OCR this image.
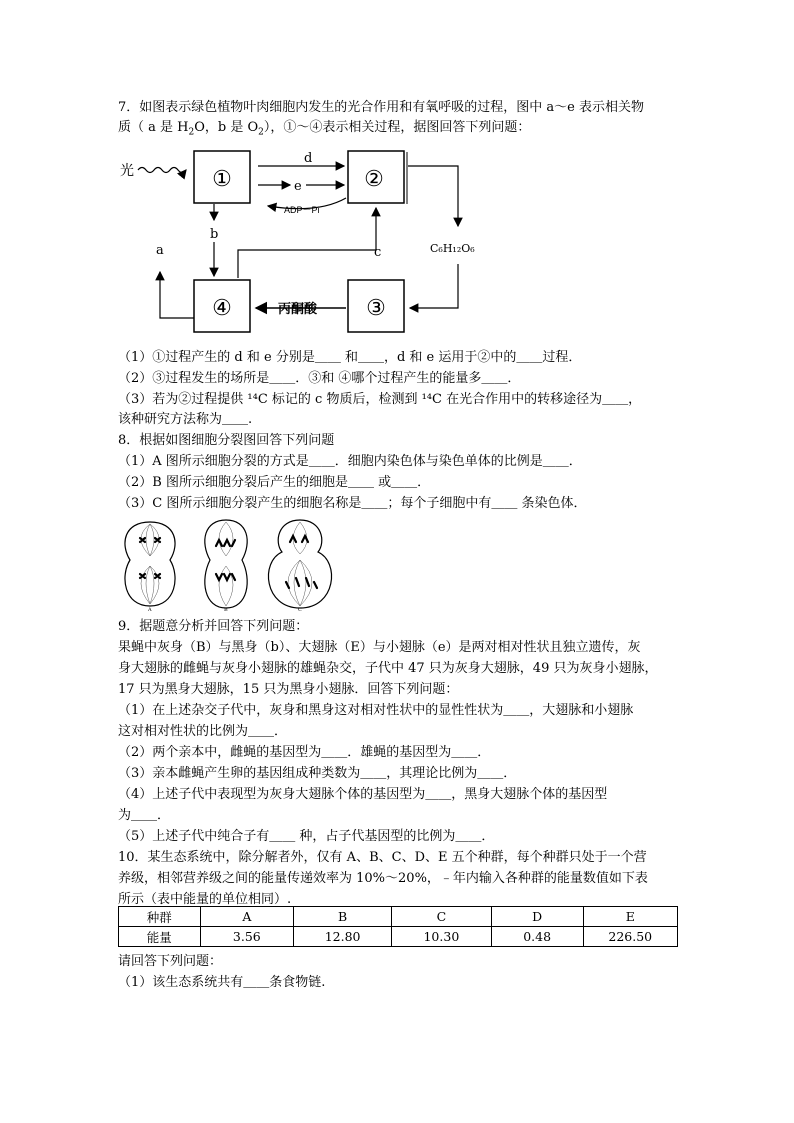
7．如图表示绿色植物叶肉细胞内发生的光合作用和有氧呼吸的过程，图中 a～e 表示相关物
质（ a 是 $H_2O$，b 是 $O_2$），①～④表示相关过程，据图回答下列问题：
光	①	②
③
④
d
e
ADP－Pi
b
a	c	C₆H₁₂O₆
丙酮酸
（1）①过程产生的 d 和 e 分别是＿＿ 和＿＿，d 和 e 运用于②中的＿＿过程．
（2）③过程发生的场所是＿＿．③和 ④哪个过程产生的能量多＿＿．
（3）若为②过程提供 ¹⁴C 标记的 c 物质后，检测到 ¹⁴C 在光合作用中的转移途径为＿＿，
该种研究方法称为＿＿.
8．根据如图细胞分裂图回答下列问题
（1）A 图所示细胞分裂的方式是＿＿．细胞内染色体与染色单体的比例是＿＿．
（2）B 图所示细胞分裂后产生的细胞是＿＿ 或＿＿．
（3）C 图所示细胞分裂产生的细胞名称是＿＿；每个子细胞中有＿＿ 条染色体．
A	B	C
9．据题意分析并回答下列问题：
果蝇中灰身（B）与黑身（b）、大翅脉（E）与小翅脉（e）是两对相对性状且独立遗传，灰
身大翅脉的雌蝇与灰身小翅脉的雄蝇杂交，子代中 47 只为灰身大翅脉，49 只为灰身小翅脉，
17 只为黑身大翅脉，15 只为黑身小翅脉．回答下列问题：
（1）在上述杂交子代中，灰身和黑身这对相对性状中的显性性状为＿＿，大翅脉和小翅脉
这对相对性状的比例为＿＿．
（2）两个亲本中，雌蝇的基因型为＿＿．雄蝇的基因型为＿＿．
（3）亲本雌蝇产生卵的基因组成种类数为＿＿，其理论比例为＿＿．
（4）上述子代中表现型为灰身大翅脉个体的基因型为＿＿，黑身大翅脉个体的基因型
为＿＿．
（5）上述子代中纯合子有＿＿ 种，占子代基因型的比例为＿＿．
10．某生态系统中，除分解者外，仅有 A、B、C、D、E 五个种群，每个种群只处于一个营
养级，相邻营养级之间的能量传递效率为 10%～20%，﹣年内输入各种群的能量数值如下表
所示（表中能量的单位相同）.
种群	A	B	C	D	E
能量	3.56	12.80	10.30	0.48	226.50
请回答下列问题：
（1）该生态系统共有＿＿条食物链.
